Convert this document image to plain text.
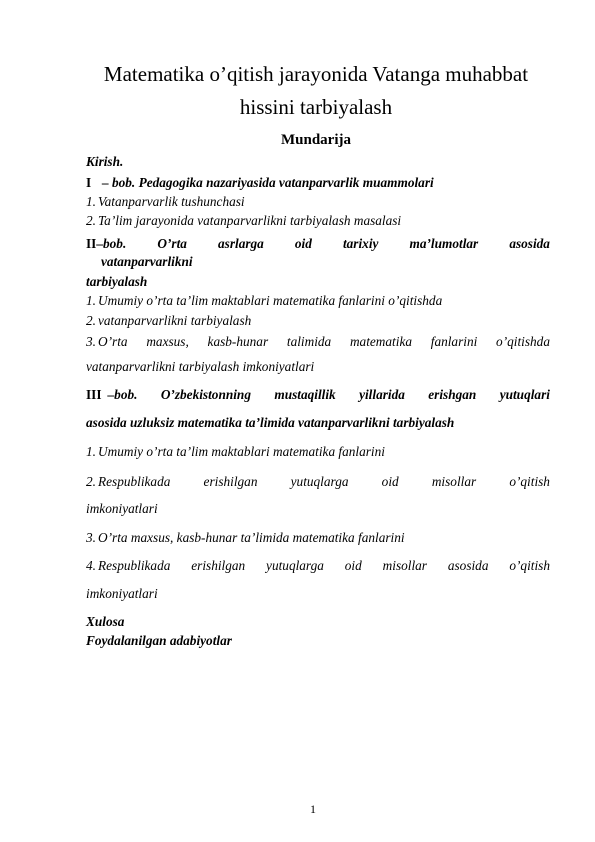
Matematika o’qitish jarayonida Vatanga muhabbat
hissini tarbiyalash
Mundarija
Kirish.
I – bob. Pedagogika nazariyasida vatanparvarlik muammolari
1. Vatanparvarlik tushunchasi
2. Ta’lim jarayonida vatanparvarlikni tarbiyalash masalasi
II–bob. O’rta asrlarga oid tarixiy ma’lumotlar asosida
vatanparvarlikni
tarbiyalash
1. Umumiy o’rta ta’lim maktablari matematika fanlarini o’qitishda
2. vatanparvarlikni tarbiyalash
3. O’rta maxsus, kasb-hunar talimida matematika fanlarini o’qitishda
vatanparvarlikni tarbiyalash imkoniyatlari
III –bob. O’zbekistonning mustaqillik yillarida erishgan yutuqlari
asosida uzluksiz matematika ta’limida vatanparvarlikni tarbiyalash
1. Umumiy o’rta ta’lim maktablari matematika fanlarini
2. Respublikada erishilgan yutuqlarga oid misollar o’qitish
imkoniyatlari
3. O’rta maxsus, kasb-hunar ta’limida matematika fanlarini
4. Respublikada erishilgan yutuqlarga oid misollar asosida o’qitish
imkoniyatlari
Xulosa
Foydalanilgan adabiyotlar
1
